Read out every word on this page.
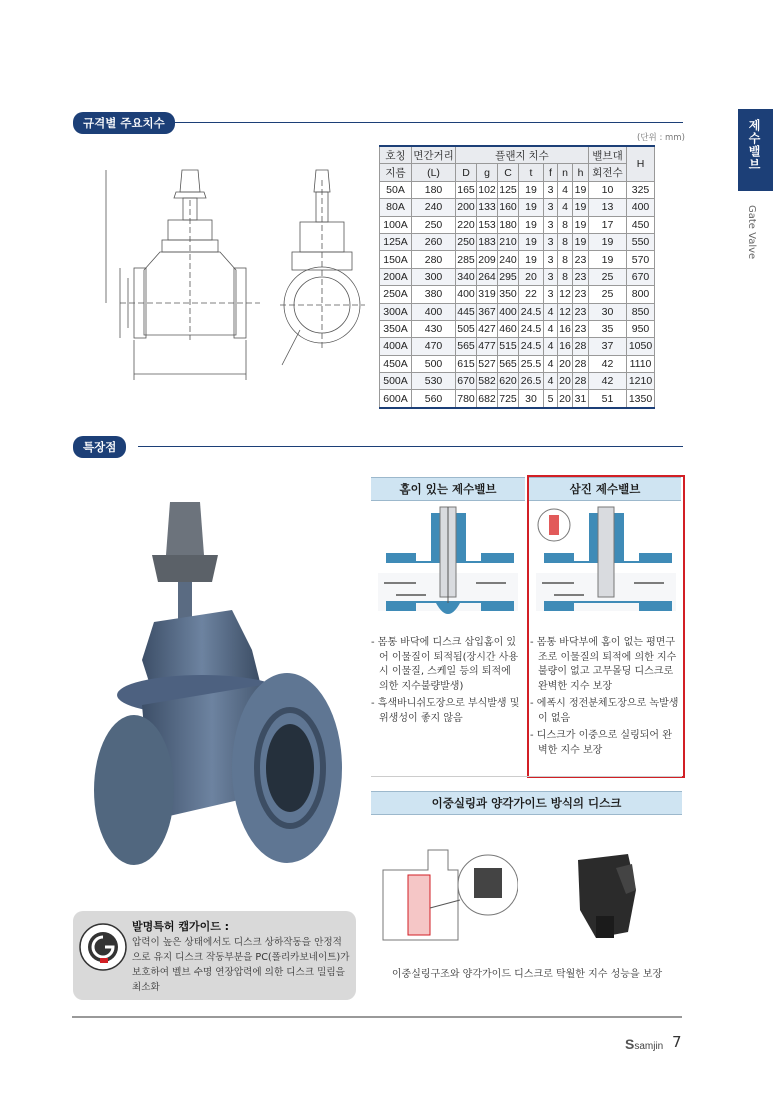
규격별 주요치수	제수밸브
Gate Valve
(단위 : mm)
호칭	면간거리	플랜지 치수							밸브대	H
지름	(L)	D	g	C	t	f	n	h	회전수	
50A	180	165	102	125	19	3	4	19	10	325
80A	240	200	133	160	19	3	4	19	13	400
100A	250	220	153	180	19	3	8	19	17	450
125A	260	250	183	210	19	3	8	19	19	550
150A	280	285	209	240	19	3	8	23	19	570
200A	300	340	264	295	20	3	8	23	25	670
250A	380	400	319	350	22	3	12	23	25	800
300A	400	445	367	400	24.5	4	12	23	30	850
350A	430	505	427	460	24.5	4	16	23	35	950
400A	470	565	477	515	24.5	4	16	28	37	1050
450A	500	615	527	565	25.5	4	20	28	42	1110
500A	530	670	582	620	26.5	4	20	28	42	1210
600A	560	780	682	725	30	5	20	31	51	1350
특장점
홈이 있는 제수밸브	삼진 제수밸브
- 몸통 바닥에 디스크 삽입홈이 있어 이물질이 퇴적됨(장시간 사용시 이물질, 스케일 등의 퇴적에 의한 지수불량발생)
- 흑색바니쉬도장으로 부식발생 및 위생성이 좋지 않음
- 몸통 바닥부에 홈이 없는 평면구조로 이물질의 퇴적에 의한 지수불량이 없고 고무몰딩 디스크로 완벽한 지수 보장
- 에폭시 정전분체도장으로 녹발생이 없음
- 디스크가 이중으로 실링되어 완벽한 지수 보장
이중실링과 양각가이드 방식의 디스크
이중실링구조와 양각가이드 디스크로 탁월한 지수 성능을 보장
발명특허 캡가이드 :
압력이 높은 상태에서도 디스크 상하작동을 안정적으로 유지 디스크 작동부분을 PC(폴리카보네이트)가 보호하여 벨브 수명 연장압력에 의한 디스크 밀림을 최소화
Ssamjin 7
